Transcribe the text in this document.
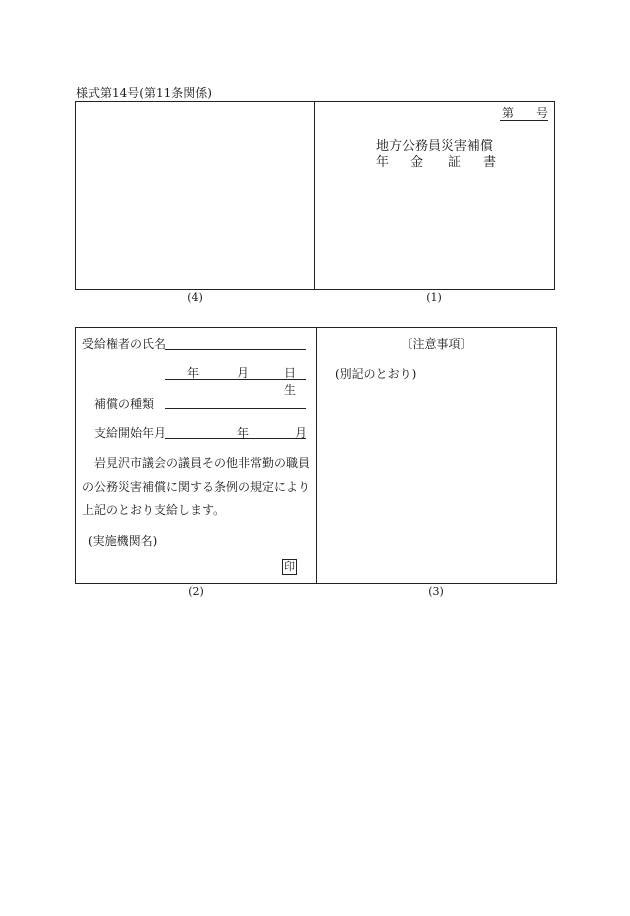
様式第14号(第11条関係)
第 号
地方公務員災害補償
年 金 証 書
(4)	(1)
受給権者の氏名
年	月	日生
補償の種類
支給開始年月	年	月
岩見沢市議会の議員その他非常勤の職員
の公務災害補償に関する条例の規定により
上記のとおり支給します。
(実施機関名)
印
〔注意事項〕
(別記のとおり)
(2)	(3)
